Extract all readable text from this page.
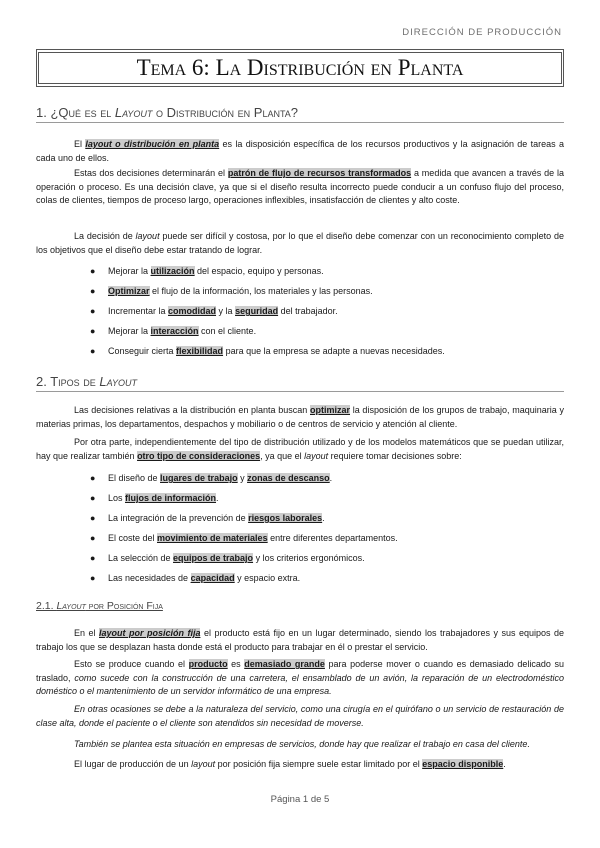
DIRECCIÓN DE PRODUCCIÓN
Tema 6: La Distribución en Planta
1. ¿Qué es el Layout o Distribución en Planta?
El layout o distribución en planta es la disposición específica de los recursos productivos y la asignación de tareas a cada uno de ellos.
Estas dos decisiones determinarán el patrón de flujo de recursos transformados a medida que avancen a través de la operación o proceso. Es una decisión clave, ya que si el diseño resulta incorrecto puede conducir a un confuso flujo del proceso, colas de clientes, tiempos de proceso largo, operaciones inflexibles, insatisfacción de clientes y alto coste.
La decisión de layout puede ser difícil y costosa, por lo que el diseño debe comenzar con un reconocimiento completo de los objetivos que el diseño debe estar tratando de lograr.
● Mejorar la utilización del espacio, equipo y personas.
● Optimizar el flujo de la información, los materiales y las personas.
● Incrementar la comodidad y la seguridad del trabajador.
● Mejorar la interacción con el cliente.
● Conseguir cierta flexibilidad para que la empresa se adapte a nuevas necesidades.
2. Tipos de Layout
Las decisiones relativas a la distribución en planta buscan optimizar la disposición de los grupos de trabajo, maquinaria y materias primas, los departamentos, despachos y mobiliario o de centros de servicio y atención al cliente.
Por otra parte, independientemente del tipo de distribución utilizado y de los modelos matemáticos que se puedan utilizar, hay que realizar también otro tipo de consideraciones, ya que el layout requiere tomar decisiones sobre:
● El diseño de lugares de trabajo y zonas de descanso.
● Los flujos de información.
● La integración de la prevención de riesgos laborales.
● El coste del movimiento de materiales entre diferentes departamentos.
● La selección de equipos de trabajo y los criterios ergonómicos.
● Las necesidades de capacidad y espacio extra.
2.1. Layout por Posición Fija
En el layout por posición fija el producto está fijo en un lugar determinado, siendo los trabajadores y sus equipos de trabajo los que se desplazan hasta donde está el producto para trabajar en él o prestar el servicio.
Esto se produce cuando el producto es demasiado grande para poderse mover o cuando es demasiado delicado su traslado, como sucede con la construcción de una carretera, el ensamblado de un avión, la reparación de un electrodoméstico doméstico o el mantenimiento de un servidor informático de una empresa.
En otras ocasiones se debe a la naturaleza del servicio, como una cirugía en el quirófano o un servicio de restauración de clase alta, donde el paciente o el cliente son atendidos sin necesidad de moverse.
También se plantea esta situación en empresas de servicios, donde hay que realizar el trabajo en casa del cliente.
El lugar de producción de un layout por posición fija siempre suele estar limitado por el espacio disponible.
Página 1 de 5
